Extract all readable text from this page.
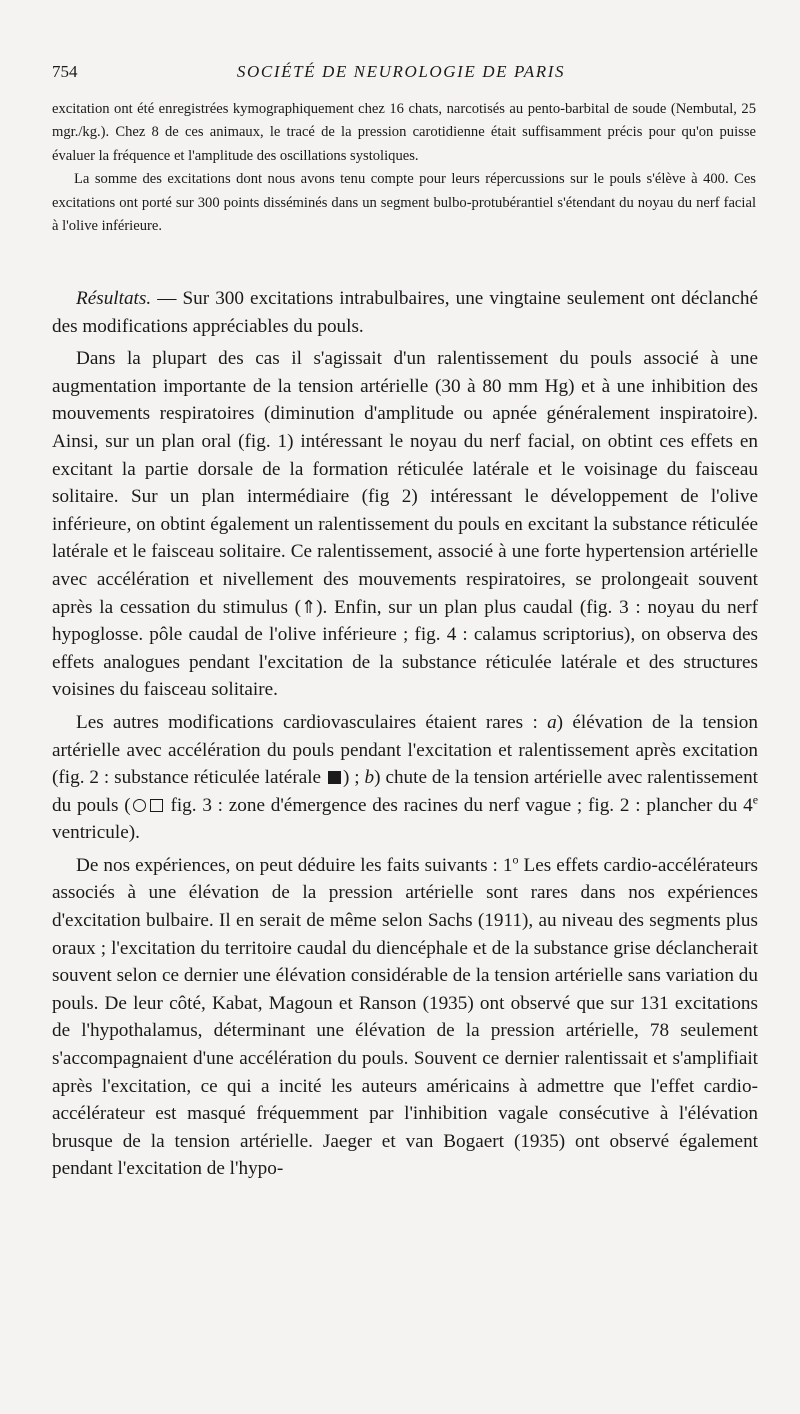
754	SOCIÉTÉ DE NEUROLOGIE DE PARIS

excitation ont été enregistrées kymographiquement chez 16 chats, narcotisés au pento-barbital de soude (Nembutal, 25 mgr./kg.). Chez 8 de ces animaux, le tracé de la pression carotidienne était suffisamment précis pour qu'on puisse évaluer la fréquence et l'amplitude des oscillations systoliques.

La somme des excitations dont nous avons tenu compte pour leurs répercussions sur le pouls s'élève à 400. Ces excitations ont porté sur 300 points disséminés dans un segment bulbo-protubérantiel s'étendant du noyau du nerf facial à l'olive inférieure.

Résultats. — Sur 300 excitations intrabulbaires, une vingtaine seulement ont déclanché des modifications appréciables du pouls.

Dans la plupart des cas il s'agissait d'un ralentissement du pouls associé à une augmentation importante de la tension artérielle (30 à 80 mm Hg) et à une inhibition des mouvements respiratoires (diminution d'amplitude ou apnée généralement inspiratoire). Ainsi, sur un plan oral (fig. 1) intéressant le noyau du nerf facial, on obtint ces effets en excitant la partie dorsale de la formation réticulée latérale et le voisinage du faisceau solitaire. Sur un plan intermédiaire (fig 2) intéressant le développement de l'olive inférieure, on obtint également un ralentissement du pouls en excitant la substance réticulée latérale et le faisceau solitaire. Ce ralentissement, associé à une forte hypertension artérielle avec accélération et nivellement des mouvements respiratoires, se prolongeait souvent après la cessation du stimulus (⇑). Enfin, sur un plan plus caudal (fig. 3 : noyau du nerf hypoglosse. pôle caudal de l'olive inférieure ; fig. 4 : calamus scriptorius), on observa des effets analogues pendant l'excitation de la substance réticulée latérale et des structures voisines du faisceau solitaire.

Les autres modifications cardiovasculaires étaient rares : a) élévation de la tension artérielle avec accélération du pouls pendant l'excitation et ralentissement après excitation (fig. 2 : substance réticulée latérale ) ; b) chute de la tension artérielle avec ralentissement du pouls ( fig. 3 : zone d'émergence des racines du nerf vague ; fig. 2 : plancher du 4e ventricule).

De nos expériences, on peut déduire les faits suivants : 1$^o$ Les effets cardio-accélérateurs associés à une élévation de la pression artérielle sont rares dans nos expériences d'excitation bulbaire. Il en serait de même selon Sachs (1911), au niveau des segments plus oraux ; l'excitation du territoire caudal du diencéphale et de la substance grise déclancherait souvent selon ce dernier une élévation considérable de la tension artérielle sans variation du pouls. De leur côté, Kabat, Magoun et Ranson (1935) ont observé que sur 131 excitations de l'hypothalamus, déterminant une élévation de la pression artérielle, 78 seulement s'accompagnaient d'une accélération du pouls. Souvent ce dernier ralentissait et s'amplifiait après l'excitation, ce qui a incité les auteurs américains à admettre que l'effet cardio-accélérateur est masqué fréquemment par l'inhibition vagale consécutive à l'élévation brusque de la tension artérielle. Jaeger et van Bogaert (1935) ont observé également pendant l'excitation de l'hypo-
